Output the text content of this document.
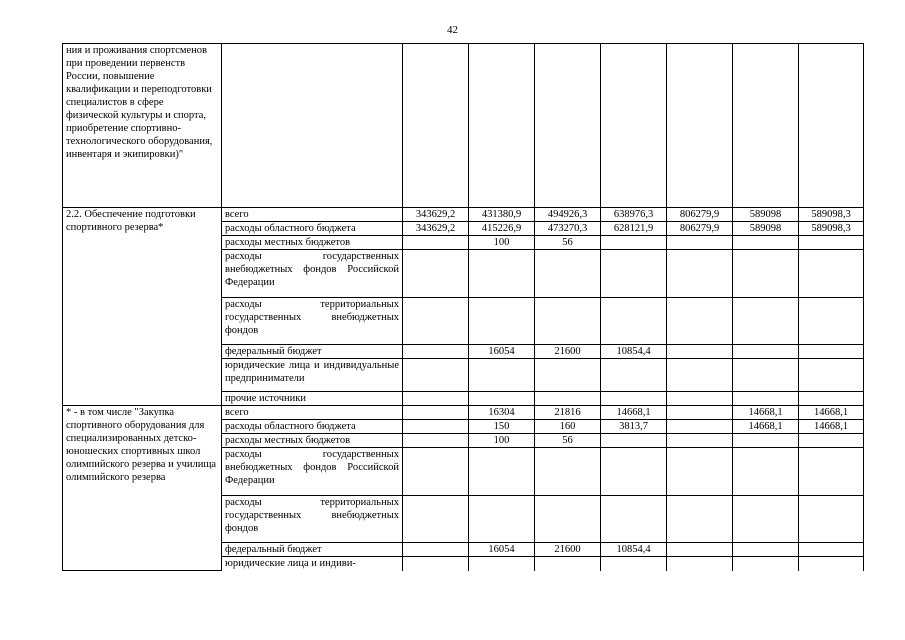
42
ния и проживания спортсменов при проведении первенств России, повышение квалификации и переподготовки специалистов в сфере физической культуры и спорта, приобретение спортивно-технологического оборудования, инвентаря и экипировки)"								

2.2. Обеспечение подготовки спортивного резерва*	всего	343629,2	431380,9	494926,3	638976,3	806279,9	589098	589098,3
	расходы областного бюджета	343629,2	415226,9	473270,3	628121,9	806279,9	589098	589098,3
	расходы местных бюджетов		100	56				
	расходы государственных внебюджетных фондов Российской Федерации							
	расходы территориальных государственных внебюджетных фондов							
	федеральный бюджет		16054	21600	10854,4			
	юридические лица и индивидуальные предприниматели							
	прочие источники							

* - в том числе "Закупка спортивного оборудования для специализированных детско-юношеских спортивных школ олимпийского резерва и училища олимпийского резерва	всего		16304	21816	14668,1		14668,1	14668,1
	расходы областного бюджета		150	160	3813,7		14668,1	14668,1
	расходы местных бюджетов		100	56				
	расходы государственных внебюджетных фондов Российской Федерации							
	расходы территориальных государственных внебюджетных фондов							
	федеральный бюджет		16054	21600	10854,4			
	юридические лица и индиви-							
